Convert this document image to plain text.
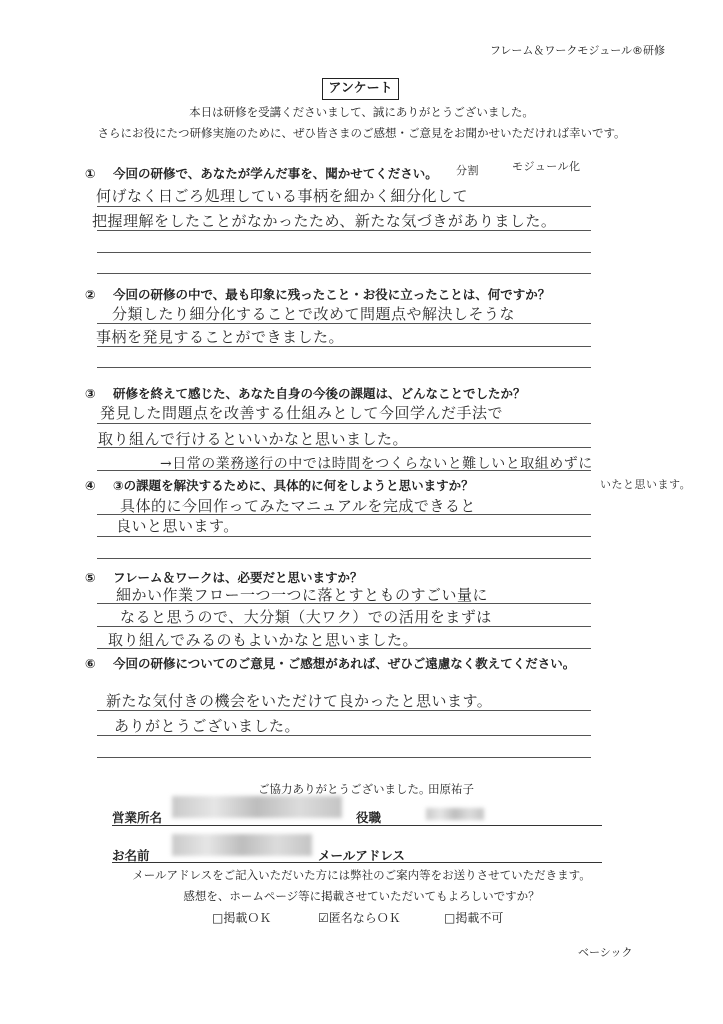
フレーム＆ワークモジュール®研修
アンケート
本日は研修を受講くださいまして、誠にありがとうございました。
さらにお役にたつ研修実施のために、ぜひ皆さまのご感想・ご意見をお聞かせいただければ幸いです。
① 今回の研修で、あなたが学んだ事を、聞かせてください。 分割	モジュール化
何げなく日ごろ処理している事柄を細かく細分化して
把握理解をしたことがなかったため、新たな気づきがありました。
② 今回の研修の中で、最も印象に残ったこと・お役に立ったことは、何ですか？
分類したり細分化することで改めて問題点や解決しそうな
事柄を発見することができました。
③ 研修を終えて感じた、あなた自身の今後の課題は、どんなことでしたか？
発見した問題点を改善する仕組みとして今回学んだ手法で
取り組んで行けるといいかなと思いました。
→日常の業務遂行の中では時間をつくらないと難しいと取組めずに
いたと思います。
④ ③の課題を解決するために、具体的に何をしようと思いますか？
具体的に今回作ってみたマニュアルを完成できると
良いと思います。
⑤ フレーム＆ワークは、必要だと思いますか？
細かい作業フロー一つ一つに落とすとものすごい量に
なると思うので、大分類（大ワク）での活用をまずは
取り組んでみるのもよいかなと思いました。
⑥ 今回の研修についてのご意見・ご感想があれば、ぜひご遠慮なく教えてください。
新たな気付きの機会をいただけて良かったと思います。
ありがとうございました。
ご協力ありがとうございました。
田原祐子
営業所名	役職
お名前	メールアドレス
メールアドレスをご記入いただいた方には弊社のご案内等をお送りさせていただきます。
感想を、ホームページ等に掲載させていただいてもよろしいですか？
□掲載ＯＫ	☑匿名ならＯＫ	□掲載不可
ベーシック
